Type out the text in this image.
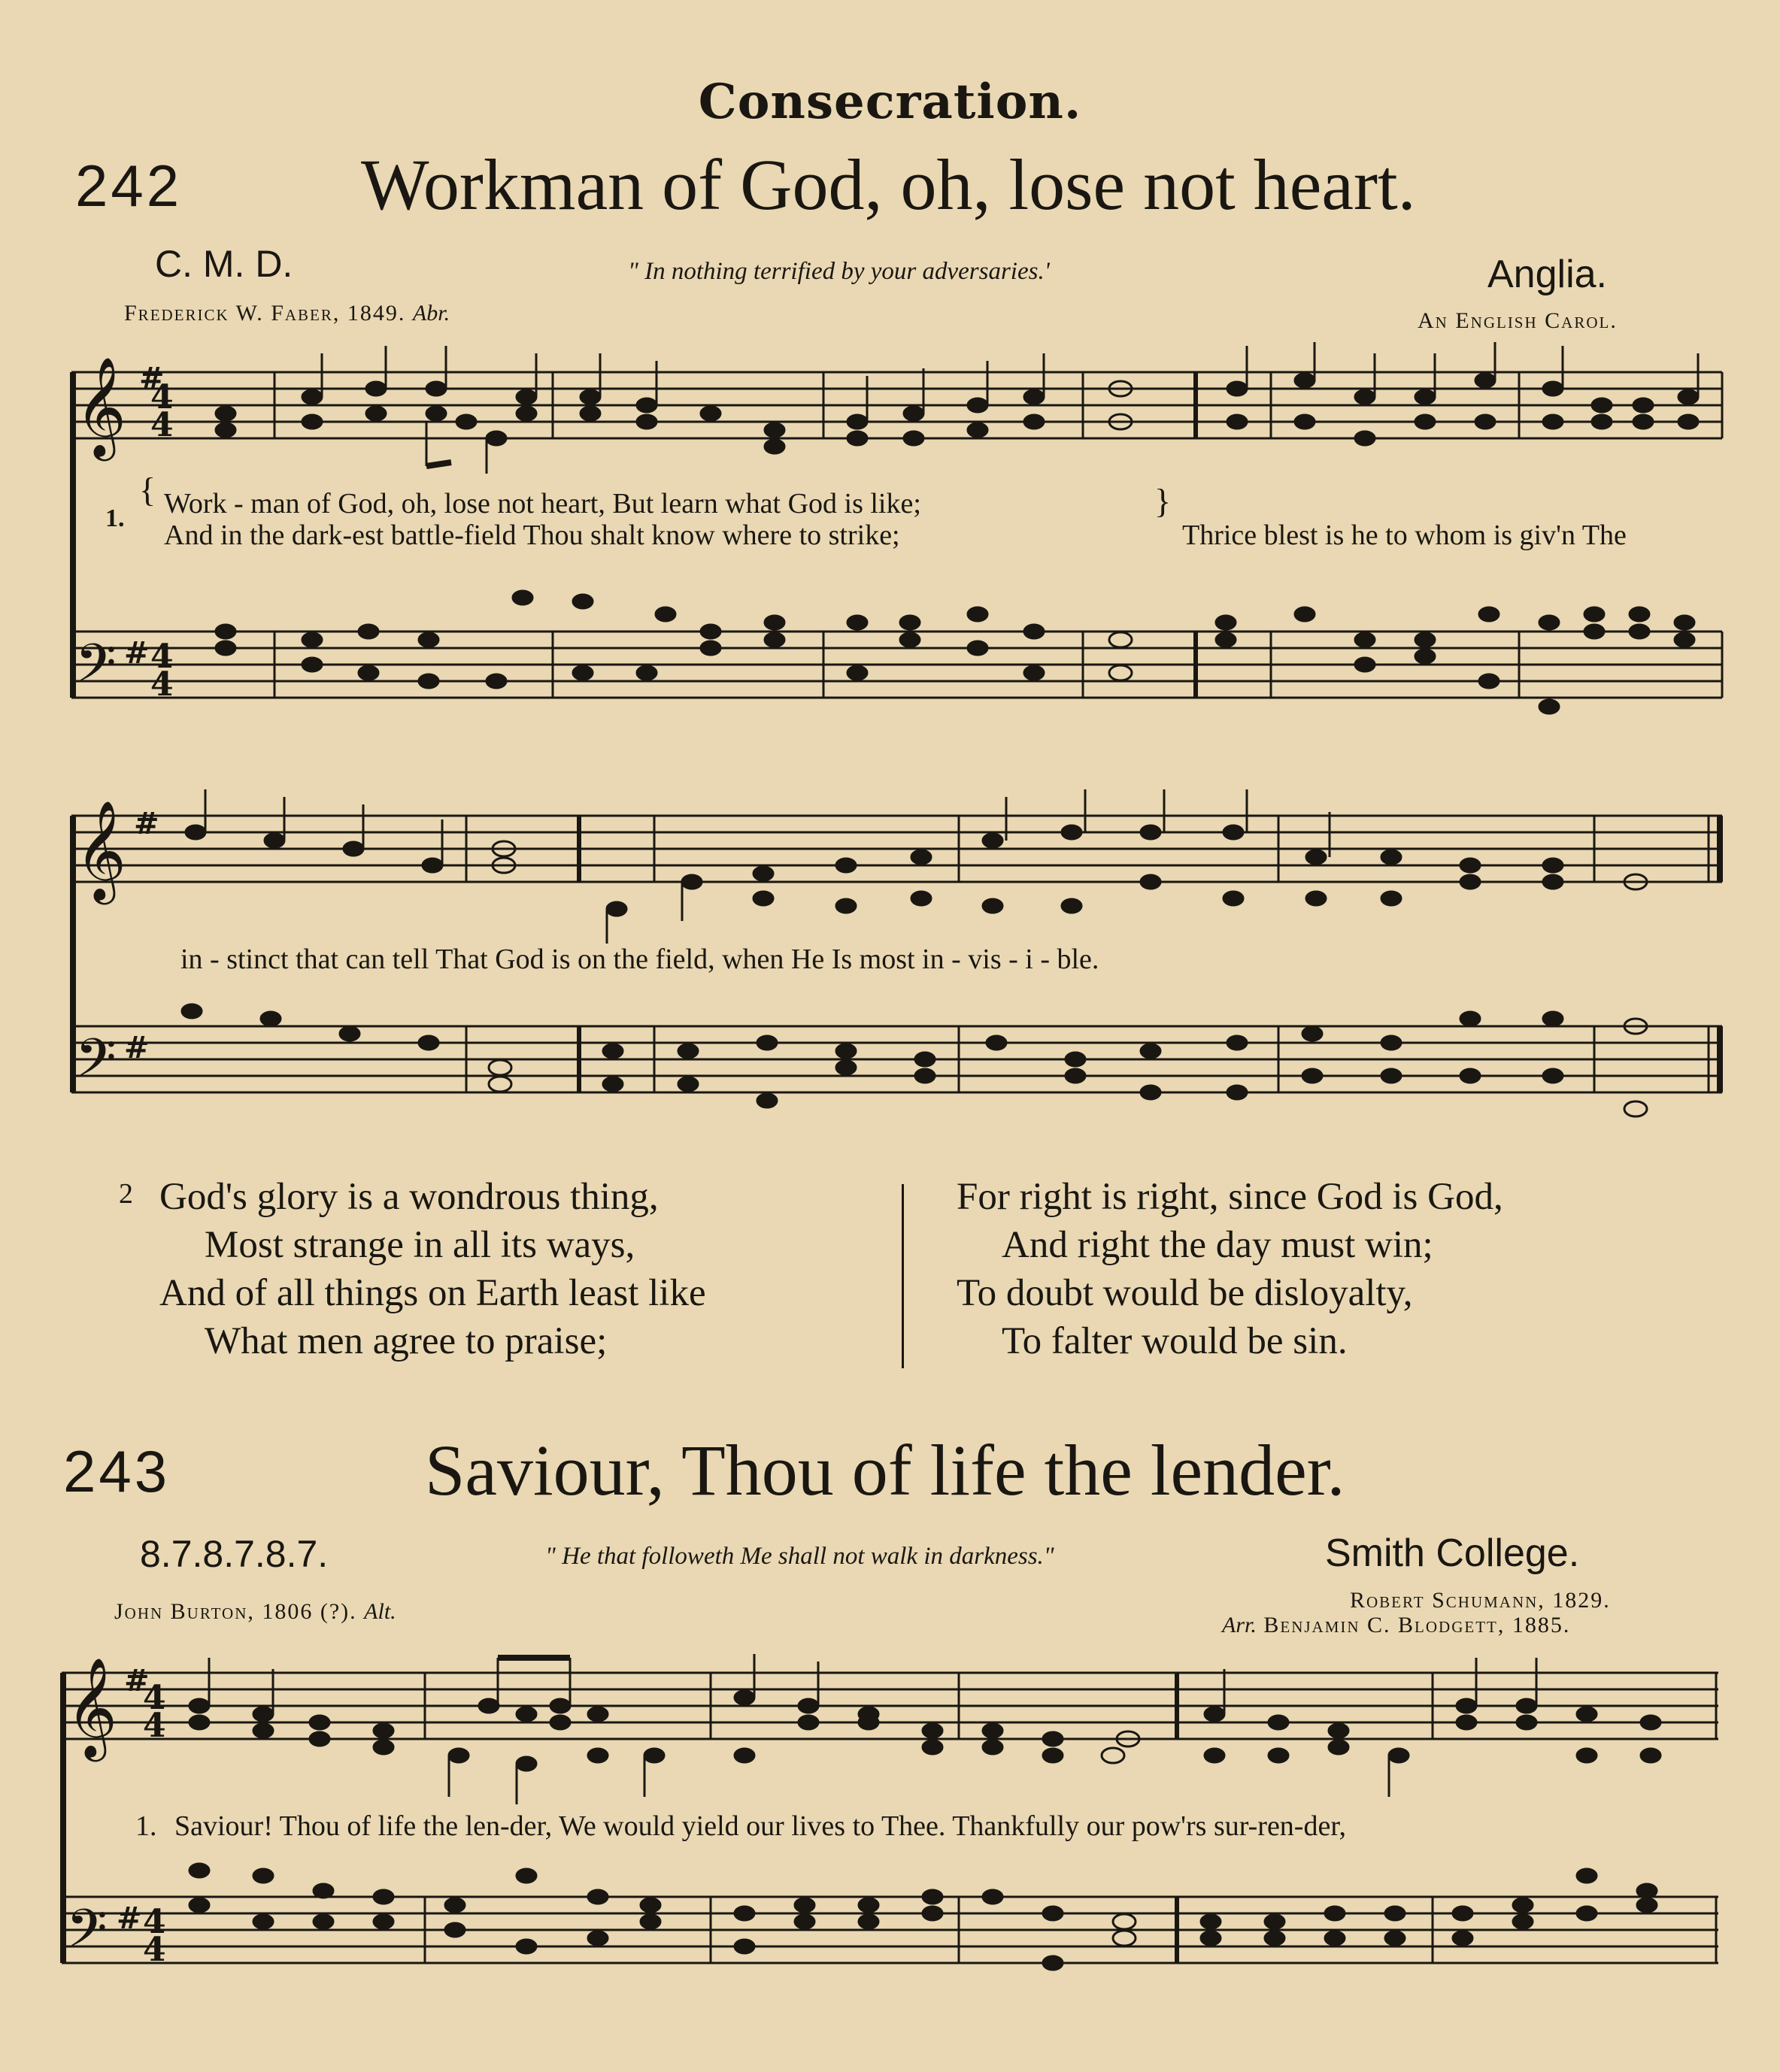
Consecration.
242 Workman of God, oh, lose not heart.
C. M. D.	" In nothing terrified by your adversaries.'	Anglia.
Frederick W. Faber, 1849. Abr.	An English Carol.
𝄞
𝄢
#
#
4
4
4
4
1.
{ Work - man of God, oh, lose not heart, But learn what God is like;
And in the dark-est battle-field Thou shalt know where to strike;	Thrice blest is he to whom is giv'n The
}
𝄞
𝄢
#
#
in - stinct that can tell That God is on the field, when He Is most in - vis - i - ble.
2 God's glory is a wondrous thing,
Most strange in all its ways,
And of all things on Earth least like
What men agree to praise;
For right is right, since God is God,
And right the day must win;
To doubt would be disloyalty,
To falter would be sin.
243	Saviour, Thou of life the lender.
8.7.8.7.8.7.	" He that followeth Me shall not walk in darkness."	Smith College.
John Burton, 1806 (?). Alt.	Robert Schumann, 1829.
Arr. Benjamin C. Blodgett, 1885.
𝄞
𝄢
#
#
4
4
4
4
1. Saviour! Thou of life the len-der, We would yield our lives to Thee. Thankfully our pow'rs sur-ren-der,
